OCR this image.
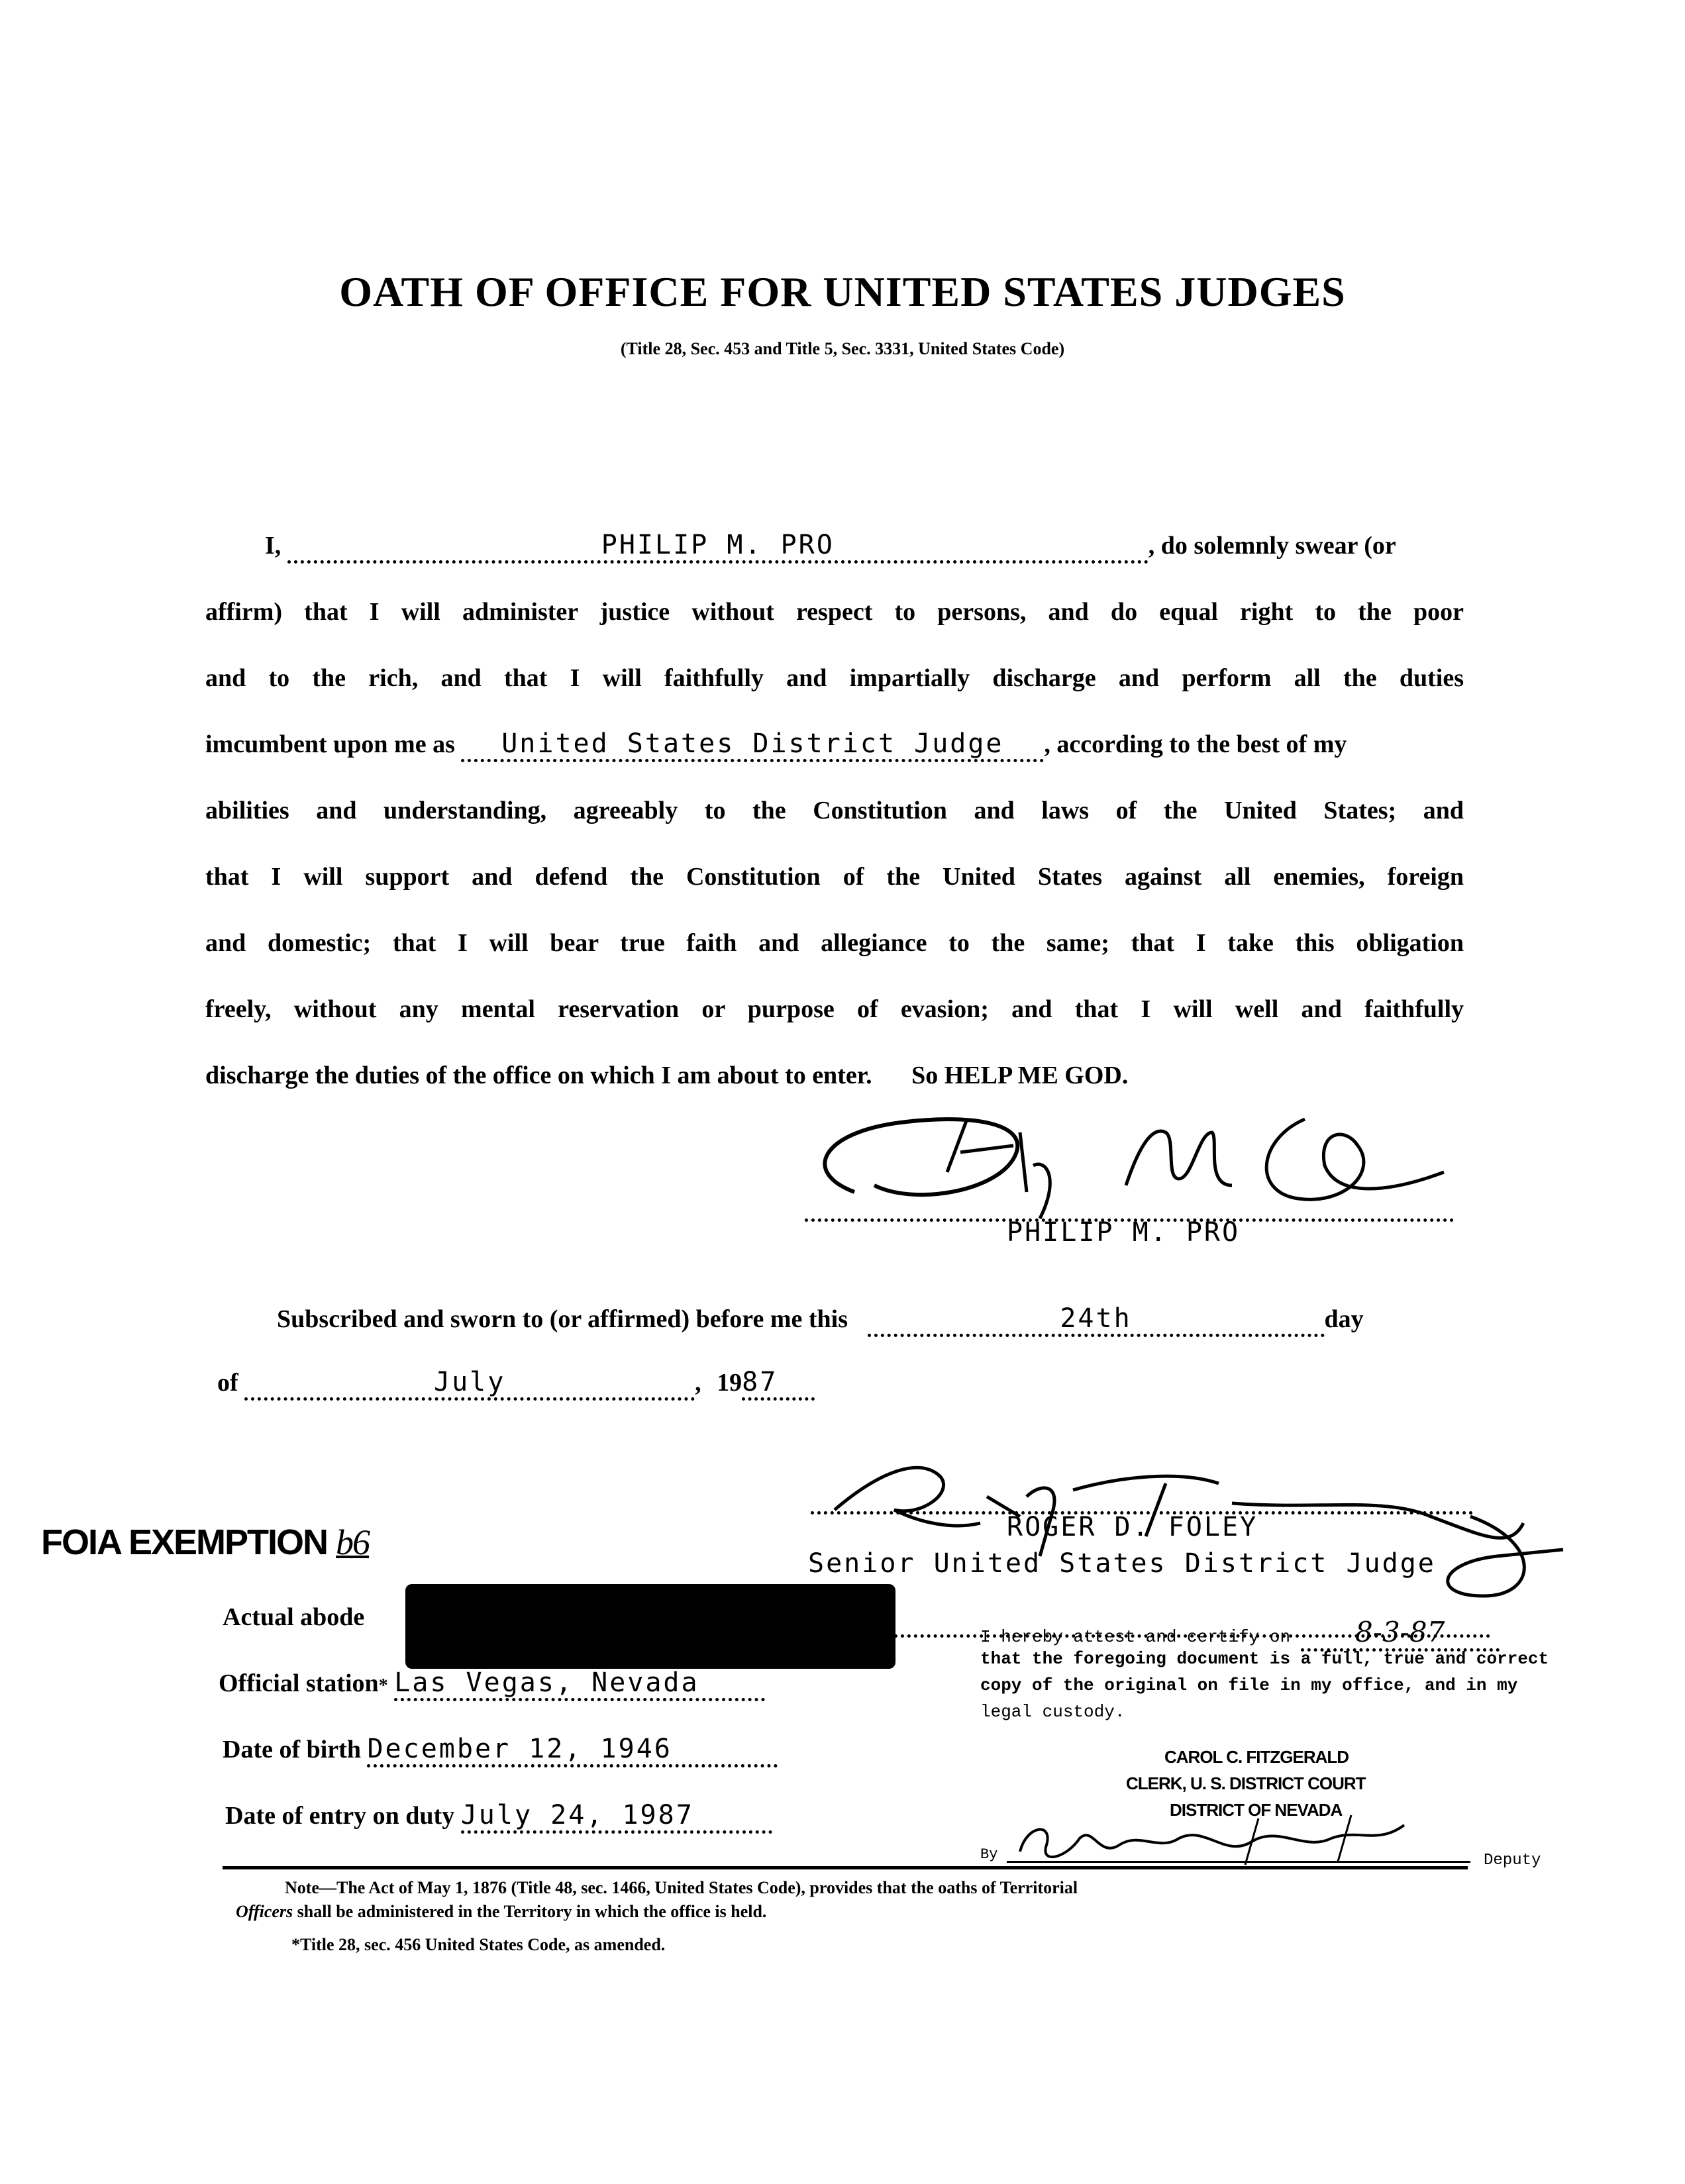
OATH OF OFFICE FOR UNITED STATES JUDGES
(Title 28, Sec. 453 and Title 5, Sec. 3331, United States Code)
I,	PHILIP M. PRO	, do solemnly swear (or
affirm) that I will administer justice without respect to persons, and do equal right to the poor
and to the rich, and that I will faithfully and impartially discharge and perform all the duties
imcumbent upon me as United States District Judge , according to the best of my
abilities and understanding, agreeably to the Constitution and laws of the United States; and
that I will support and defend the Constitution of the United States against all enemies, foreign
and domestic; that I will bear true faith and allegiance to the same; that I take this obligation
freely, without any mental reservation or purpose of evasion; and that I will well and faithfully
discharge the duties of the office on which I am about to enter. So HELP ME GOD.
PHILIP M. PRO
Subscribed and sworn to (or affirmed) before me this	24th	day
of	July	, 1987
FOIA EXEMPTION b6	ROGER D. FOLEY
Senior United States District Judge
Actual abode
Official station* Las Vegas, Nevada
Date of birth December 12, 1946
Date of entry on duty July 24, 1987
I hereby attest and certify on 8-3-87
that the foregoing document is a full, true and correct
copy of the original on file in my office, and in my
legal custody.
CAROL C. FITZGERALD
CLERK, U. S. DISTRICT COURT
DISTRICT OF NEVADA
By	Deputy
Note—The Act of May 1, 1876 (Title 48, sec. 1466, United States Code), provides that the oaths of Territorial
Officers shall be administered in the Territory in which the office is held.
*Title 28, sec. 456 United States Code, as amended.
